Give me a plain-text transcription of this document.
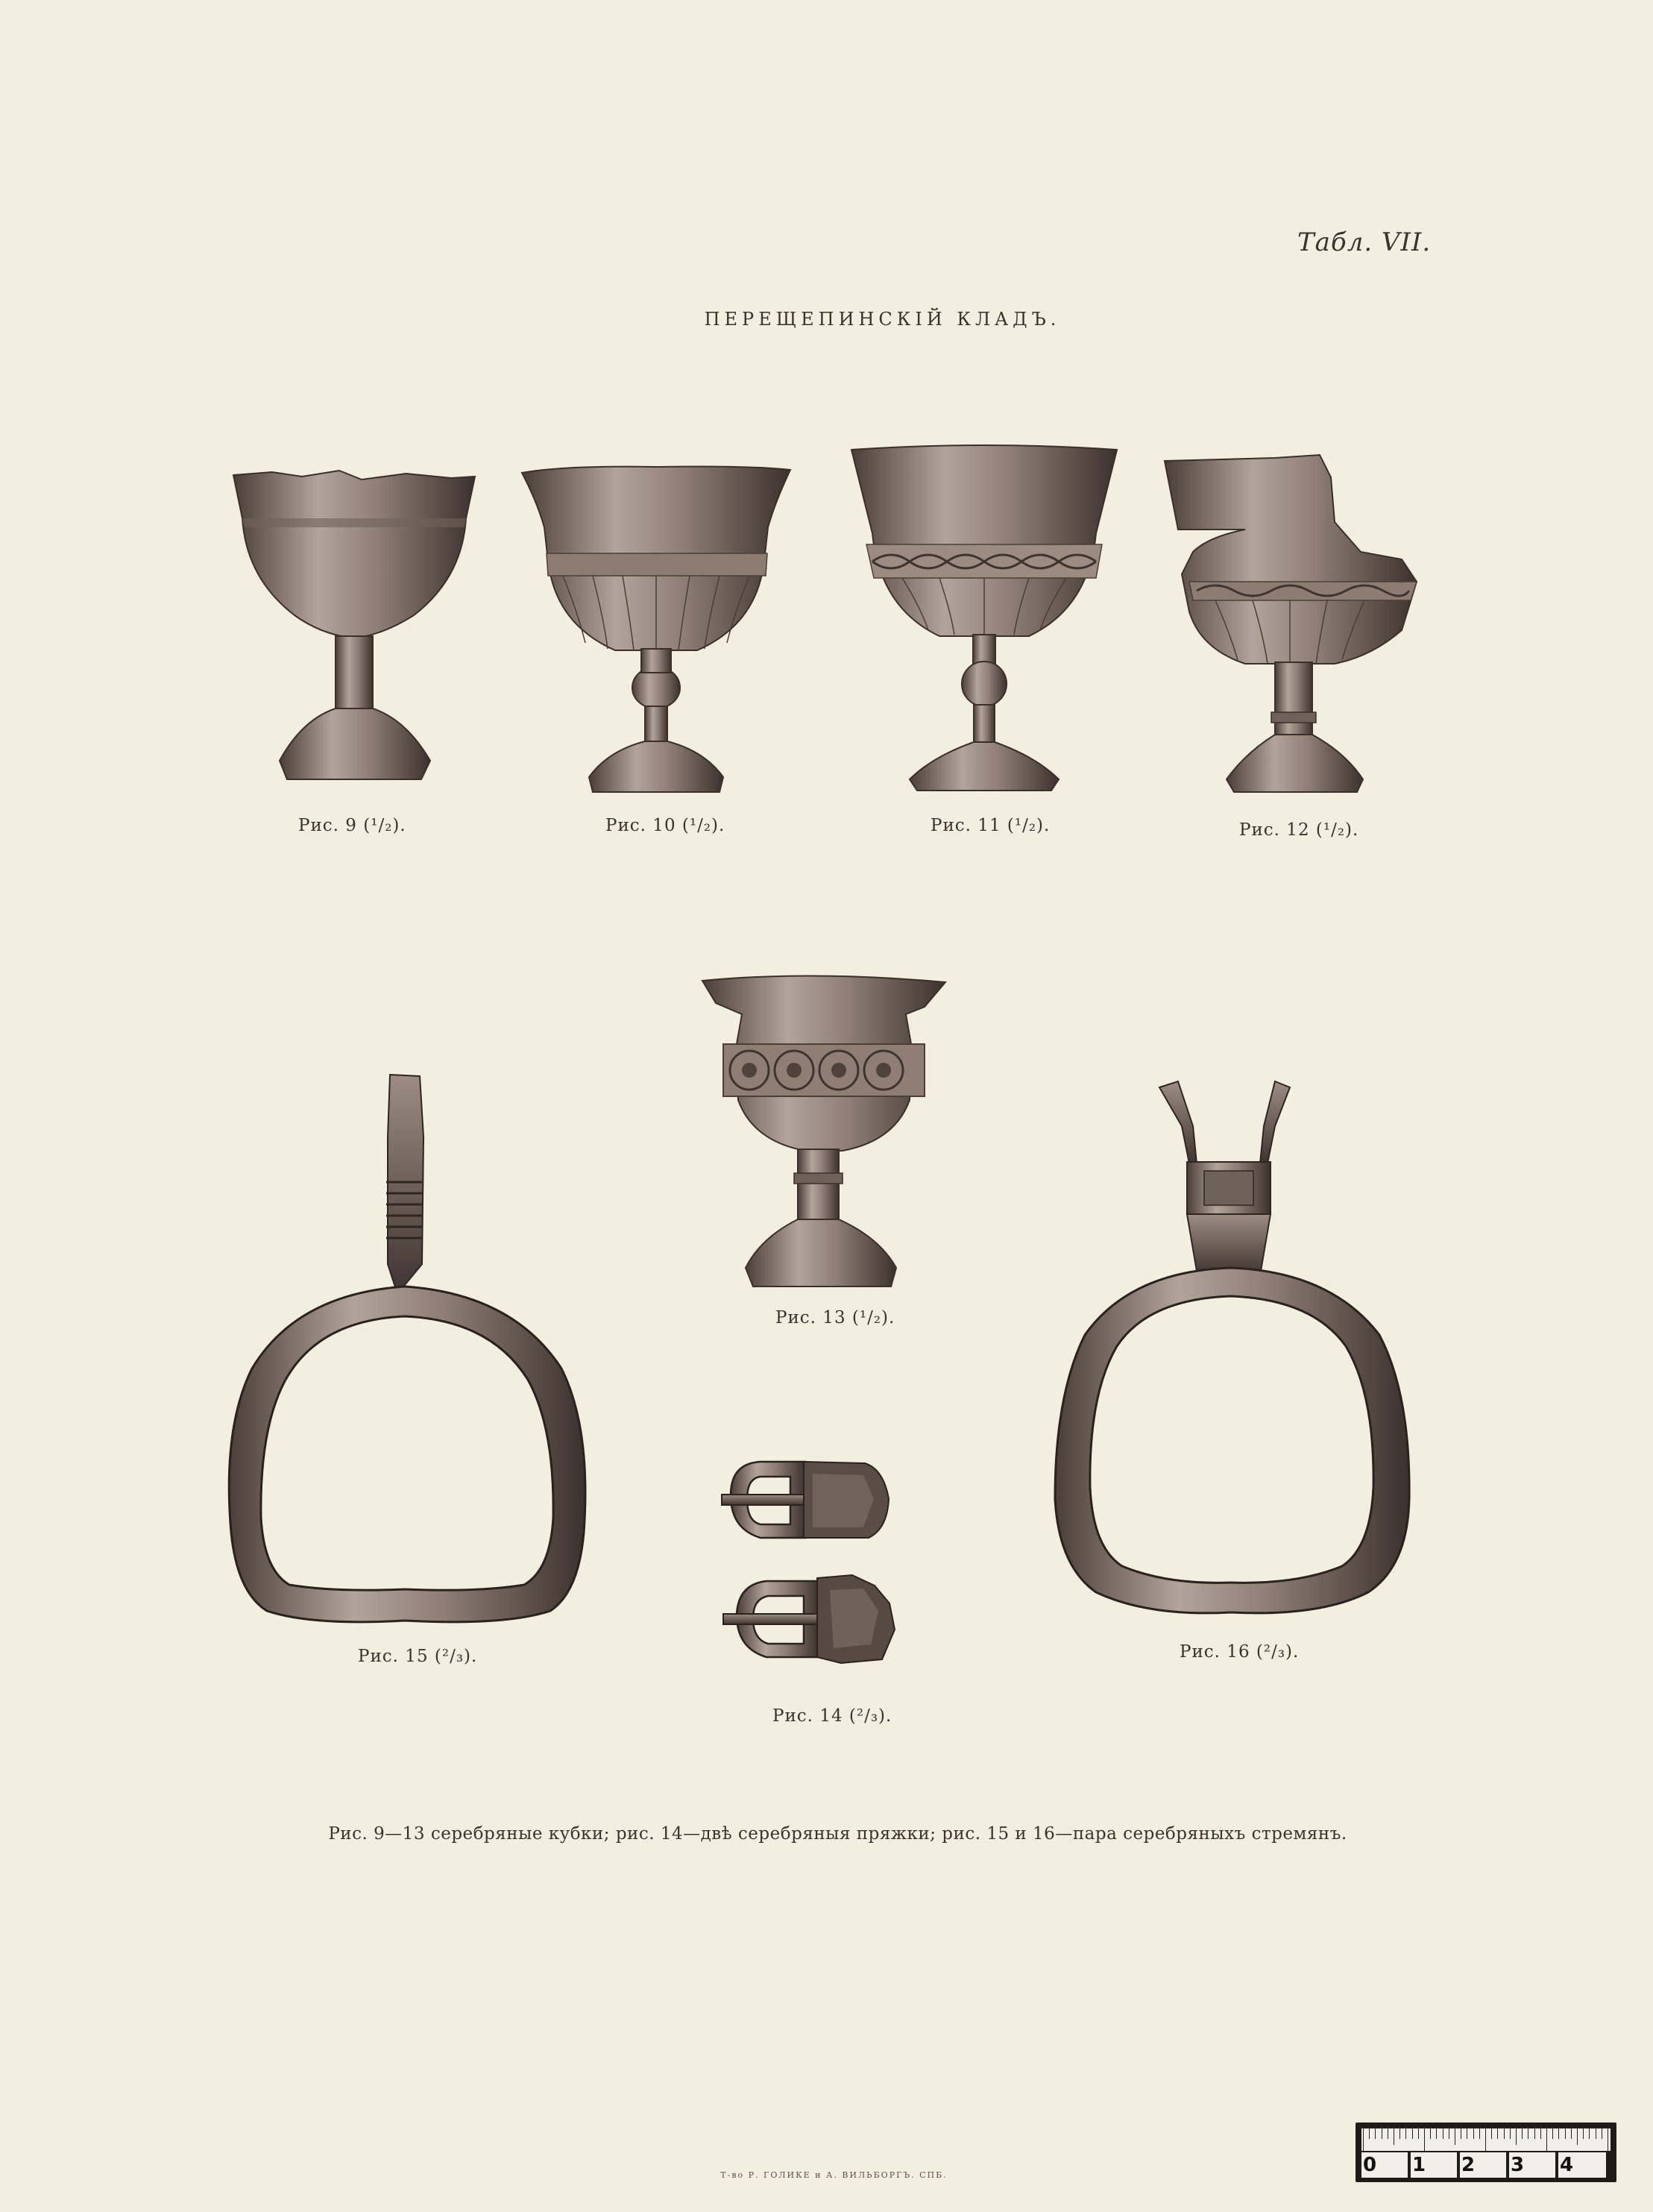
Табл. VII.
ПЕРЕЩЕПИНСКIЙ КЛАДЪ.
Рис. 9 (¹/₂).	Рис. 10 (¹/₂).	Рис. 11 (¹/₂).	Рис. 12 (¹/₂).
Рис. 13 (¹/₂).
Рис. 15 (²/₃).	Рис. 16 (²/₃).
Рис. 14 (²/₃).
Рис. 9—13 серебряные кубки; рис. 14—двѣ серебряныя пряжки; рис. 15 и 16—пара серебряныхъ стремянъ.
Т-во Р. ГОЛИКЕ и А. ВИЛЬБОРГЪ. СПБ.	0	1	2	3	4
